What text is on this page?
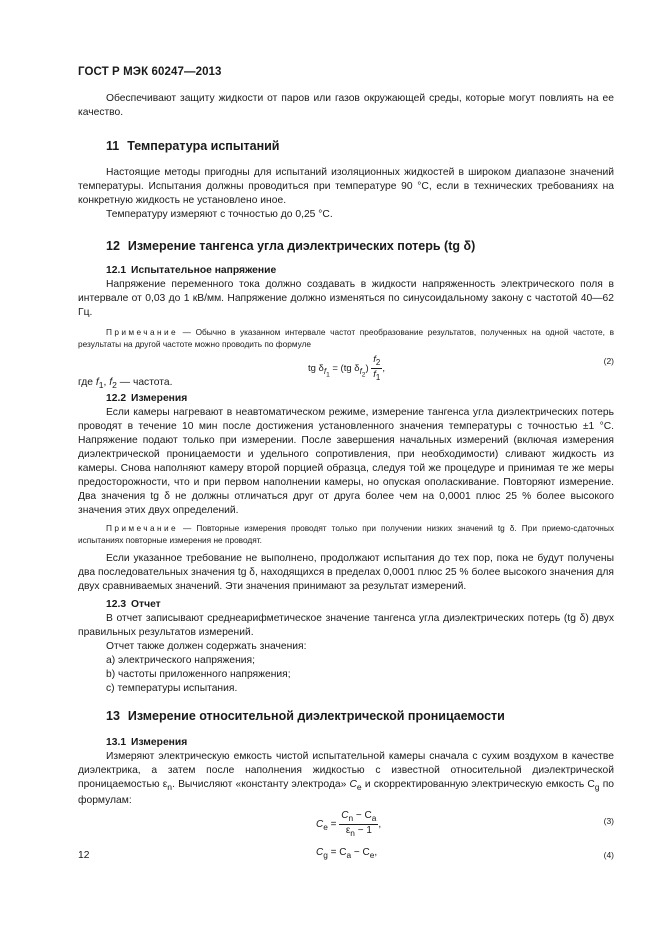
ГОСТ Р МЭК 60247—2013

Обеспечивают защиту жидкости от паров или газов окружающей среды, которые могут повлиять на ее качество.

11 Температура испытаний

Настоящие методы пригодны для испытаний изоляционных жидкостей в широком диапазоне значений температуры. Испытания должны проводиться при температуре 90 °С, если в технических требованиях на конкретную жидкость не установлено иное.

Температуру измеряют с точностью до 0,25 °С.

12 Измерение тангенса угла диэлектрических потерь (tg δ)
12.1 Испытательное напряжение

Напряжение переменного тока должно создавать в жидкости напряженность электрического поля в интервале от 0,03 до 1 кВ/мм. Напряжение должно изменяться по синусоидальному закону с частотой 40—62 Гц.

Примечание — Обычно в указанном интервале частот преобразование результатов, полученных на одной частоте, в результаты на другой частоте можно проводить по формуле

tg $\delta_{f_1} = (tg$ $\delta_{f_2}) \frac{f_2}{f_1}$ ,
(2)

где $f_1$, $f_2$ — частота.

12.2 Измерения

Если камеры нагревают в неавтоматическом режиме, измерение тангенса угла диэлектрических потерь проводят в течение 10 мин после достижения установленного значения температуры с точностью ±1 °С. Напряжение подают только при измерении. После завершения начальных измерений (включая измерения диэлектрической проницаемости и удельного сопротивления, при необходимости) сливают жидкость из камеры. Снова наполняют камеру второй порцией образца, следуя той же процедуре и принимая те же меры предосторожности, что и при первом наполнении камеры, но опуская ополаскивание. Повторяют измерение. Два значения tg δ не должны отличаться друг от друга более чем на 0,0001 плюс 25 % более высокого значения этих двух определений.

Примечание — Повторные измерения проводят только при получении низких значений tg δ. При приемо-сдаточных испытаниях повторные измерения не проводят.

Если указанное требование не выполнено, продолжают испытания до тех пор, пока не будут получены два последовательных значения tg δ, находящихся в пределах 0,0001 плюс 25 % более высокого значения для двух сравниваемых значений. Эти значения принимают за результат измерений.

12.3 Отчет

В отчет записывают среднеарифметическое значение тангенса угла диэлектрических потерь (tg δ) двух правильных результатов измерений.

Отчет также должен содержать значения:

а) электрического напряжения;

b) частоты приложенного напряжения;

с) температуры испытания.

13 Измерение относительной диэлектрической проницаемости
13.1 Измерения

Измеряют электрическую емкость чистой испытательной камеры сначала с сухим воздухом в качестве диэлектрика, а затем после наполнения жидкостью с известной относительной диэлектрической проницаемостью $\varepsilon_n$. Вычисляют «константу электрода» $C_e$ и скорректированную электрическую емкость $C_g$ по формулам:

$C_e = \frac{C_n - C_a}{\varepsilon_n - 1}$ ,	(3)
$C_g = C_a - C_e$,	(4)
12
